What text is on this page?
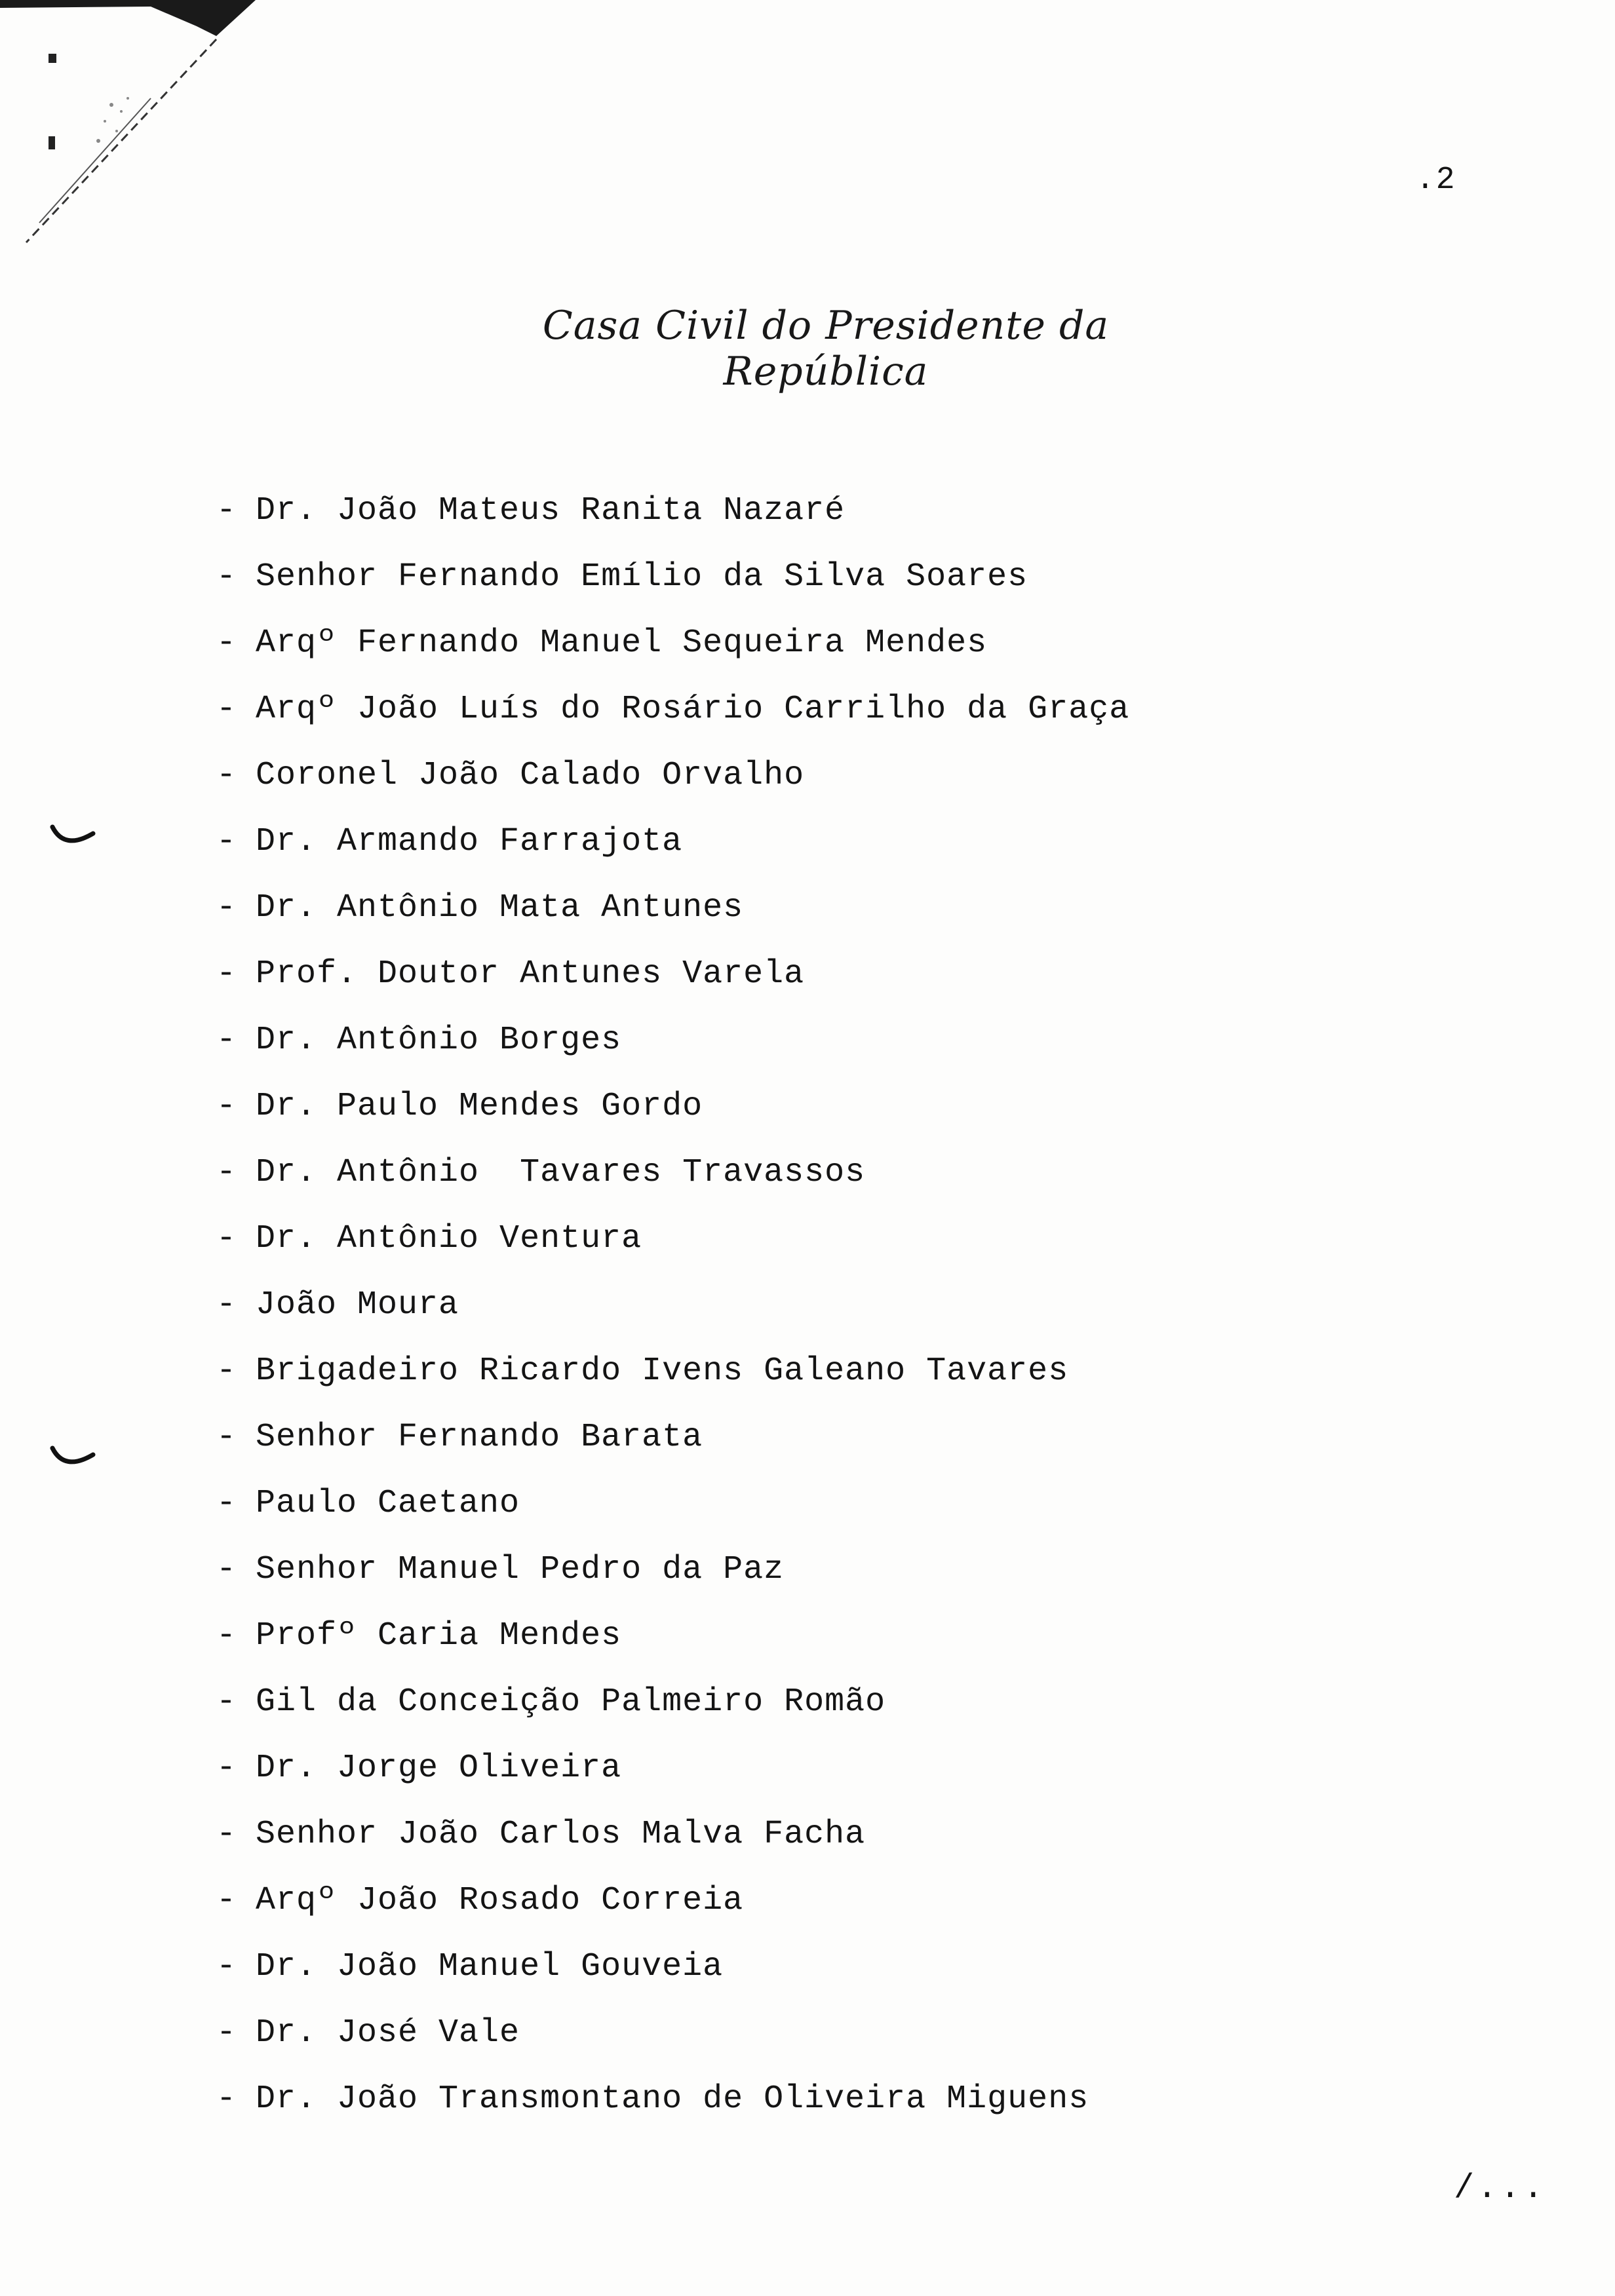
.2
Casa Civil do Presidente da República
- Dr. João Mateus Ranita Nazaré
- Senhor Fernando Emílio da Silva Soares
- Arqº Fernando Manuel Sequeira Mendes
- Arqº João Luís do Rosário Carrilho da Graça
- Coronel João Calado Orvalho
- Dr. Armando Farrajota
- Dr. Antônio Mata Antunes
- Prof. Doutor Antunes Varela
- Dr. Antônio Borges
- Dr. Paulo Mendes Gordo
- Dr. Antônio  Tavares Travassos
- Dr. Antônio Ventura
- João Moura
- Brigadeiro Ricardo Ivens Galeano Tavares
- Senhor Fernando Barata
- Paulo Caetano
- Senhor Manuel Pedro da Paz
- Profº Caria Mendes
- Gil da Conceição Palmeiro Romão
- Dr. Jorge Oliveira
- Senhor João Carlos Malva Facha
- Arqº João Rosado Correia
- Dr. João Manuel Gouveia
- Dr. José Vale
- Dr. João Transmontano de Oliveira Miguens
/...
